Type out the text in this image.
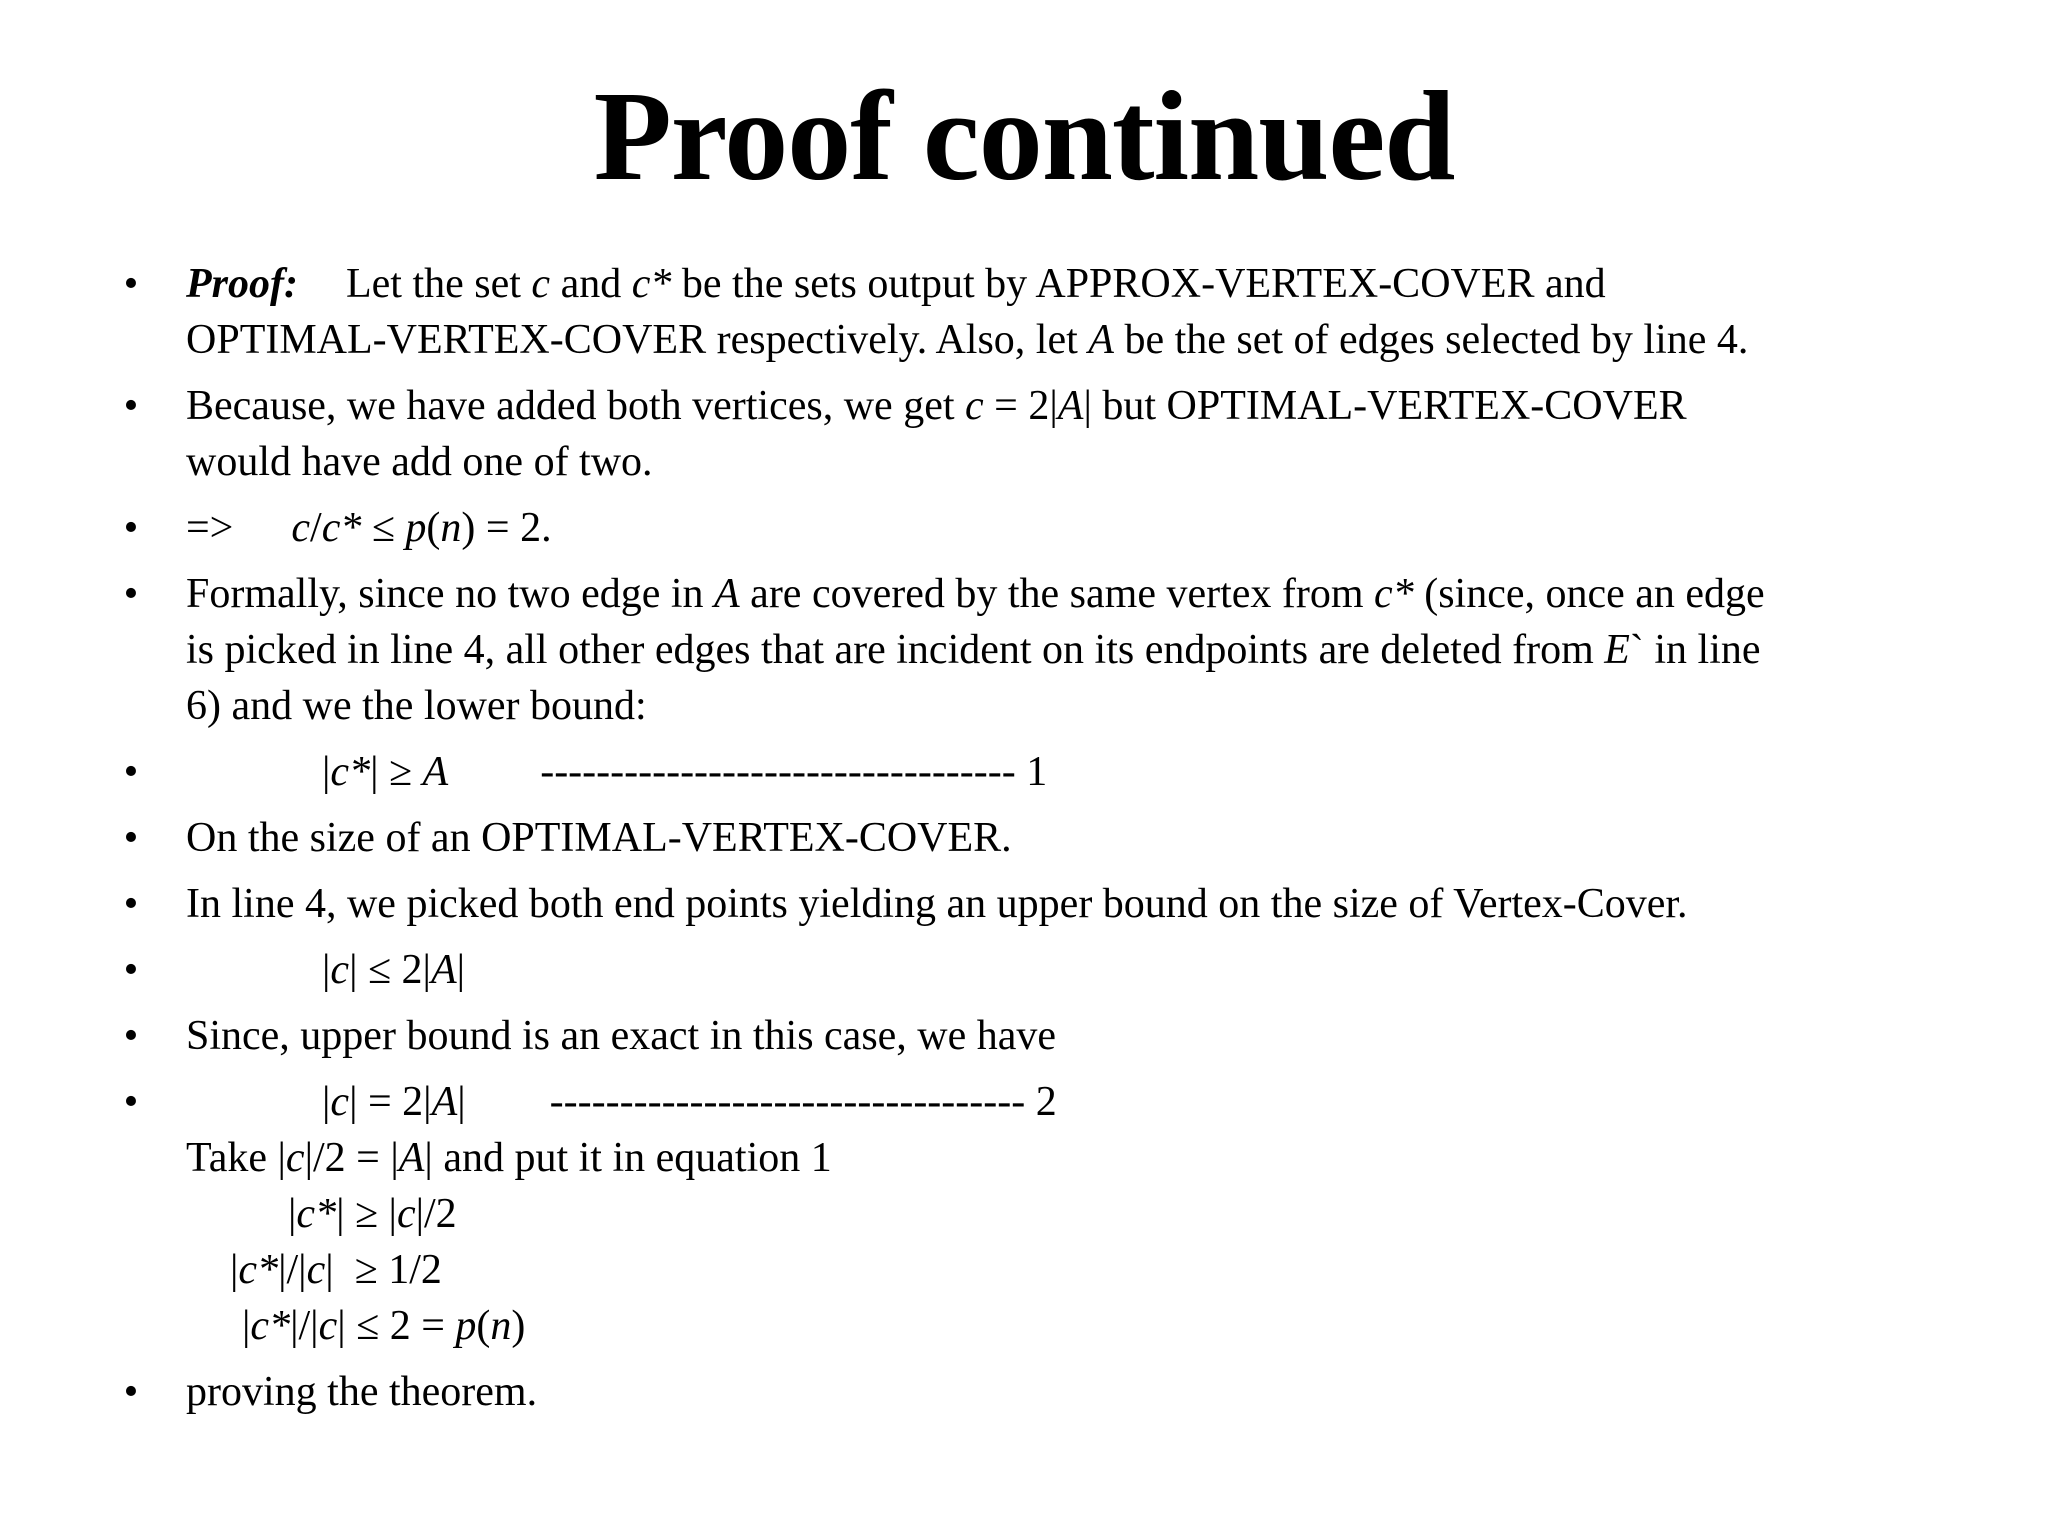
Proof continued
• Proof: Let the set c and c* be the sets output by APPROX-VERTEX-COVER and
OPTIMAL-VERTEX-COVER respectively. Also, let A be the set of edges selected by line 4.
• Because, we have added both vertices, we get c = 2|A| but OPTIMAL-VERTEX-COVER
would have add one of two.
• => c/c* ≤ p(n) = 2.
• Formally, since no two edge in A are covered by the same vertex from c* (since, once an edge
is picked in line 4, all other edges that are incident on its endpoints are deleted from E` in line
6) and we the lower bound:
•	|c*| ≥ A ---------------------------------- 1
• On the size of an OPTIMAL-VERTEX-COVER.
• In line 4, we picked both end points yielding an upper bound on the size of Vertex-Cover.
•	|c| ≤ 2|A|
• Since, upper bound is an exact in this case, we have
•	|c| = 2|A| ---------------------------------- 2
Take |c|/2 = |A| and put it in equation 1
|c*| ≥ |c|/2
|c*|/|c|  ≥ 1/2
|c*|/|c| ≤ 2 = p(n)
• proving the theorem.
